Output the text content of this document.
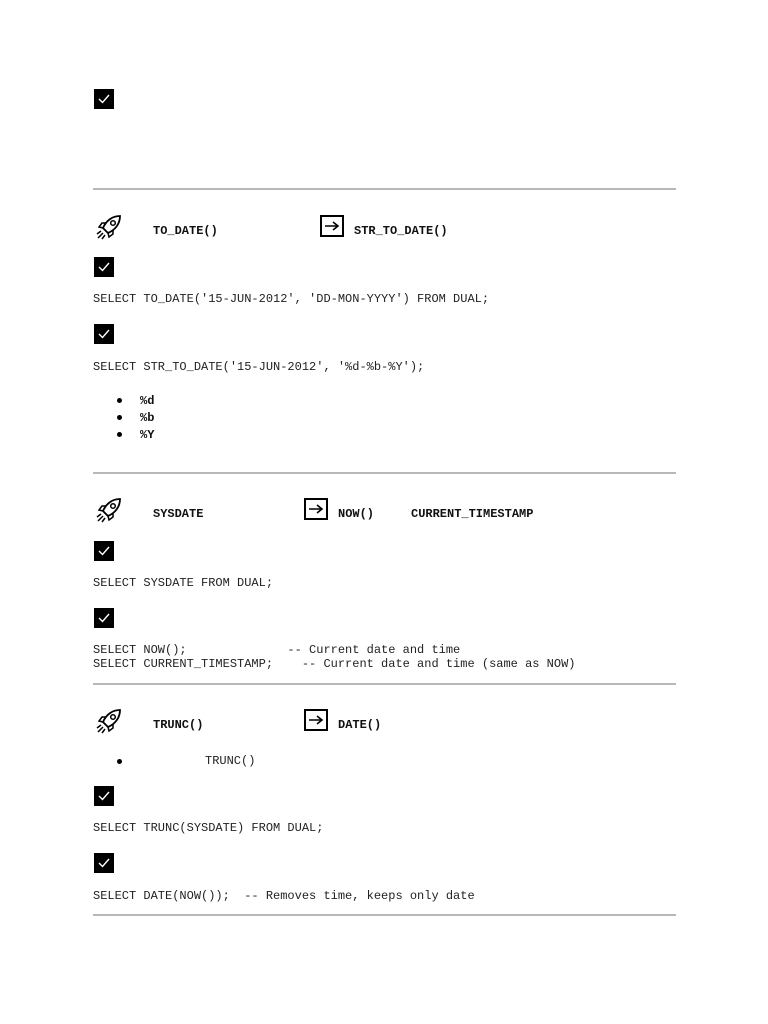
TO_DATE()	STR_TO_DATE()
SELECT TO_DATE('15-JUN-2012', 'DD-MON-YYYY') FROM DUAL;
SELECT STR_TO_DATE('15-JUN-2012', '%d-%b-%Y');
%d
%b
%Y
SYSDATE	NOW()	CURRENT_TIMESTAMP
SELECT SYSDATE FROM DUAL;
SELECT NOW();              -- Current date and time
SELECT CURRENT_TIMESTAMP;    -- Current date and time (same as NOW)
TRUNC()	DATE()
TRUNC()
SELECT TRUNC(SYSDATE) FROM DUAL;
SELECT DATE(NOW());  -- Removes time, keeps only date
